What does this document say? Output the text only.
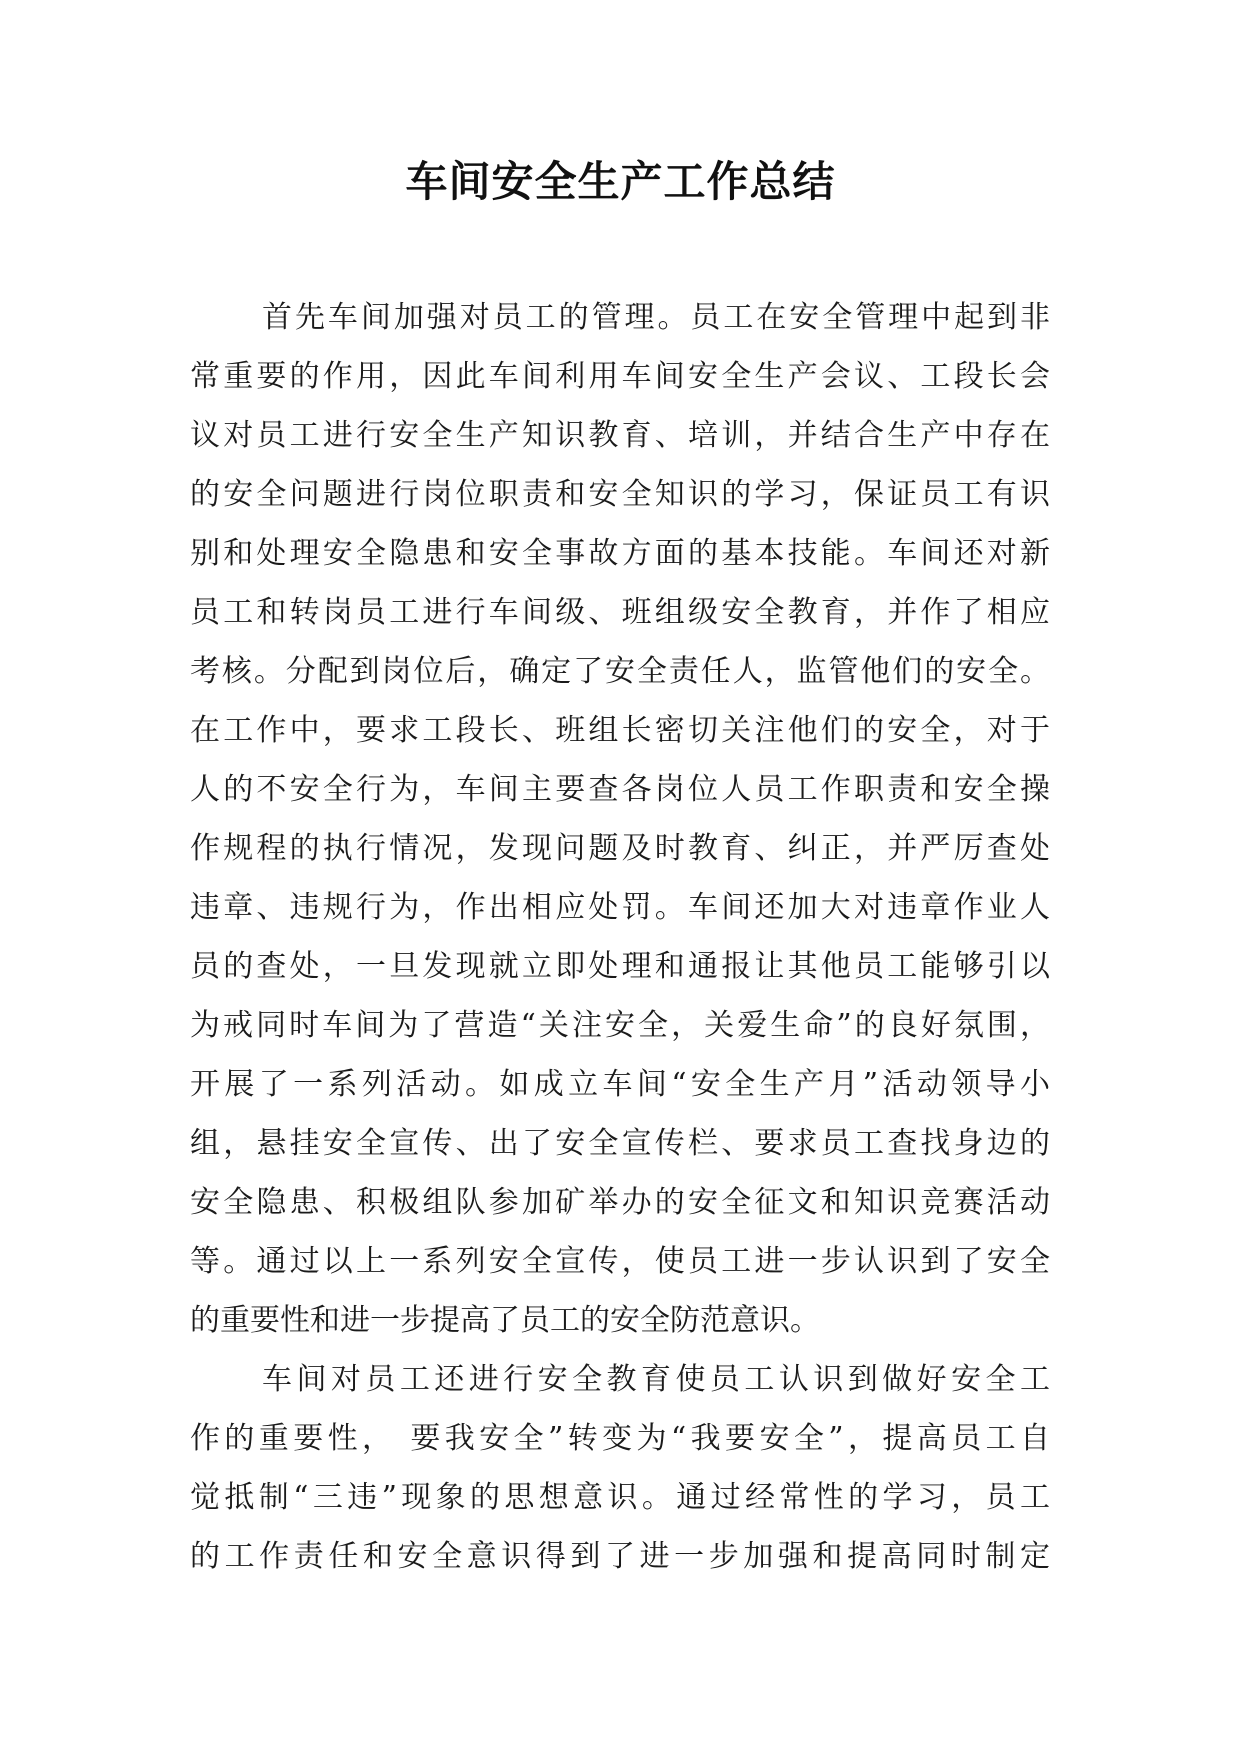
车间安全生产工作总结
首先车间加强对员工的管理。员工在安全管理中起到非
常重要的作用，因此车间利用车间安全生产会议、工段长会
议对员工进行安全生产知识教育、培训，并结合生产中存在
的安全问题进行岗位职责和安全知识的学习，保证员工有识
别和处理安全隐患和安全事故方面的基本技能。车间还对新
员工和转岗员工进行车间级、班组级安全教育，并作了相应
考核。分配到岗位后，确定了安全责任人，监管他们的安全。
在工作中，要求工段长、班组长密切关注他们的安全，对于
人的不安全行为，车间主要查各岗位人员工作职责和安全操
作规程的执行情况，发现问题及时教育、纠正，并严厉查处
违章、违规行为，作出相应处罚。车间还加大对违章作业人
员的查处，一旦发现就立即处理和通报让其他员工能够引以
为戒同时车间为了营造“关注安全，关爱生命”的良好氛围，
开展了一系列活动。如成立车间“安全生产月”活动领导小
组，悬挂安全宣传、出了安全宣传栏、要求员工查找身边的
安全隐患、积极组队参加矿举办的安全征文和知识竞赛活动
等。通过以上一系列安全宣传，使员工进一步认识到了安全
的重要性和进一步提高了员工的安全防范意识。
车间对员工还进行安全教育使员工认识到做好安全工
作的重要性， 要我安全”转变为“我要安全”，提高员工自
觉抵制“三违”现象的思想意识。通过经常性的学习，员工
的工作责任和安全意识得到了进一步加强和提高同时制定
